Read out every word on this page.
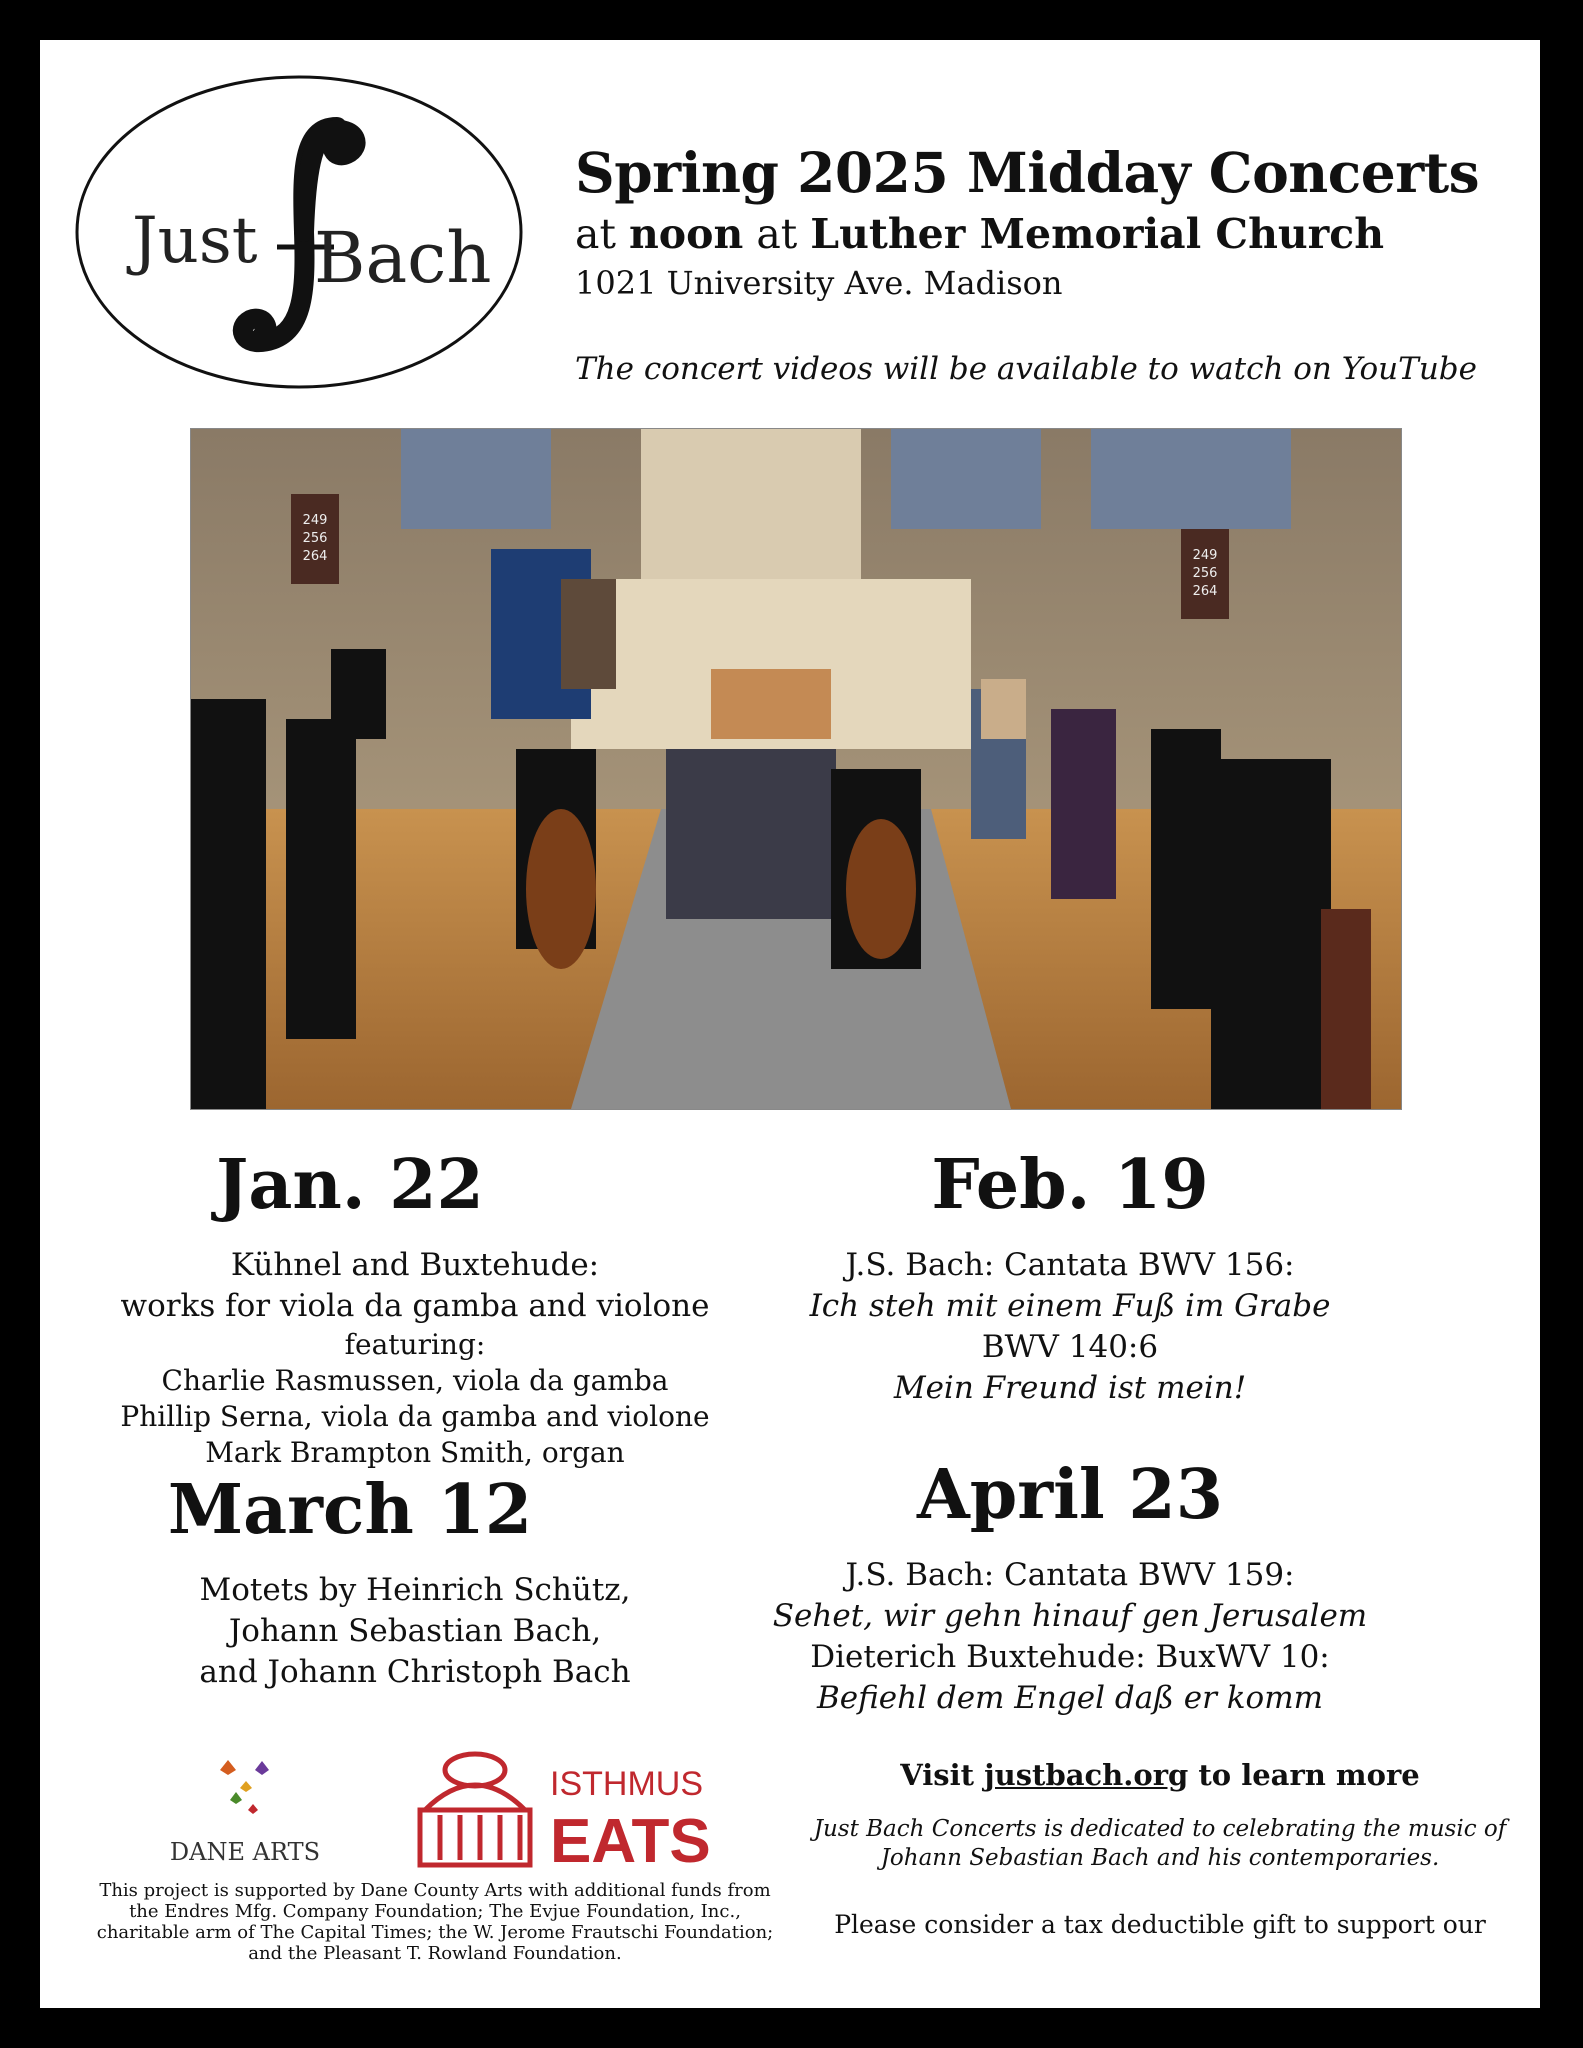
Just Bach
Spring 2025 Midday Concerts
at noon at Luther Memorial Church
1021 University Ave. Madison
The concert videos will be available to watch on YouTube
249
256
264	249
256
264
Jan. 22
Kühnel and Buxtehude:
works for viola da gamba and violone
featuring:
Charlie Rasmussen, viola da gamba
Phillip Serna, viola da gamba and violone
Mark Brampton Smith, organ
Feb. 19
J.S. Bach: Cantata BWV 156:
Ich steh mit einem Fuß im Grabe
BWV 140:6
Mein Freund ist mein!
March 12
Motets by Heinrich Schütz,
Johann Sebastian Bach,
and Johann Christoph Bach
April 23
J.S. Bach: Cantata BWV 159:
Sehet, wir gehn hinauf gen Jerusalem
Dieterich Buxtehude: BuxWV 10:
Befiehl dem Engel daß er komm
DANE ARTS
ISTHMUS
EATS
This project is supported by Dane County Arts with additional funds from the Endres Mfg. Company Foundation; The Evjue Foundation, Inc., charitable arm of The Capital Times; the W. Jerome Frautschi Foundation; and the Pleasant T. Rowland Foundation.
Visit justbach.org to learn more
Just Bach Concerts is dedicated to celebrating the music of Johann Sebastian Bach and his contemporaries.
Please consider a tax deductible gift to support our
